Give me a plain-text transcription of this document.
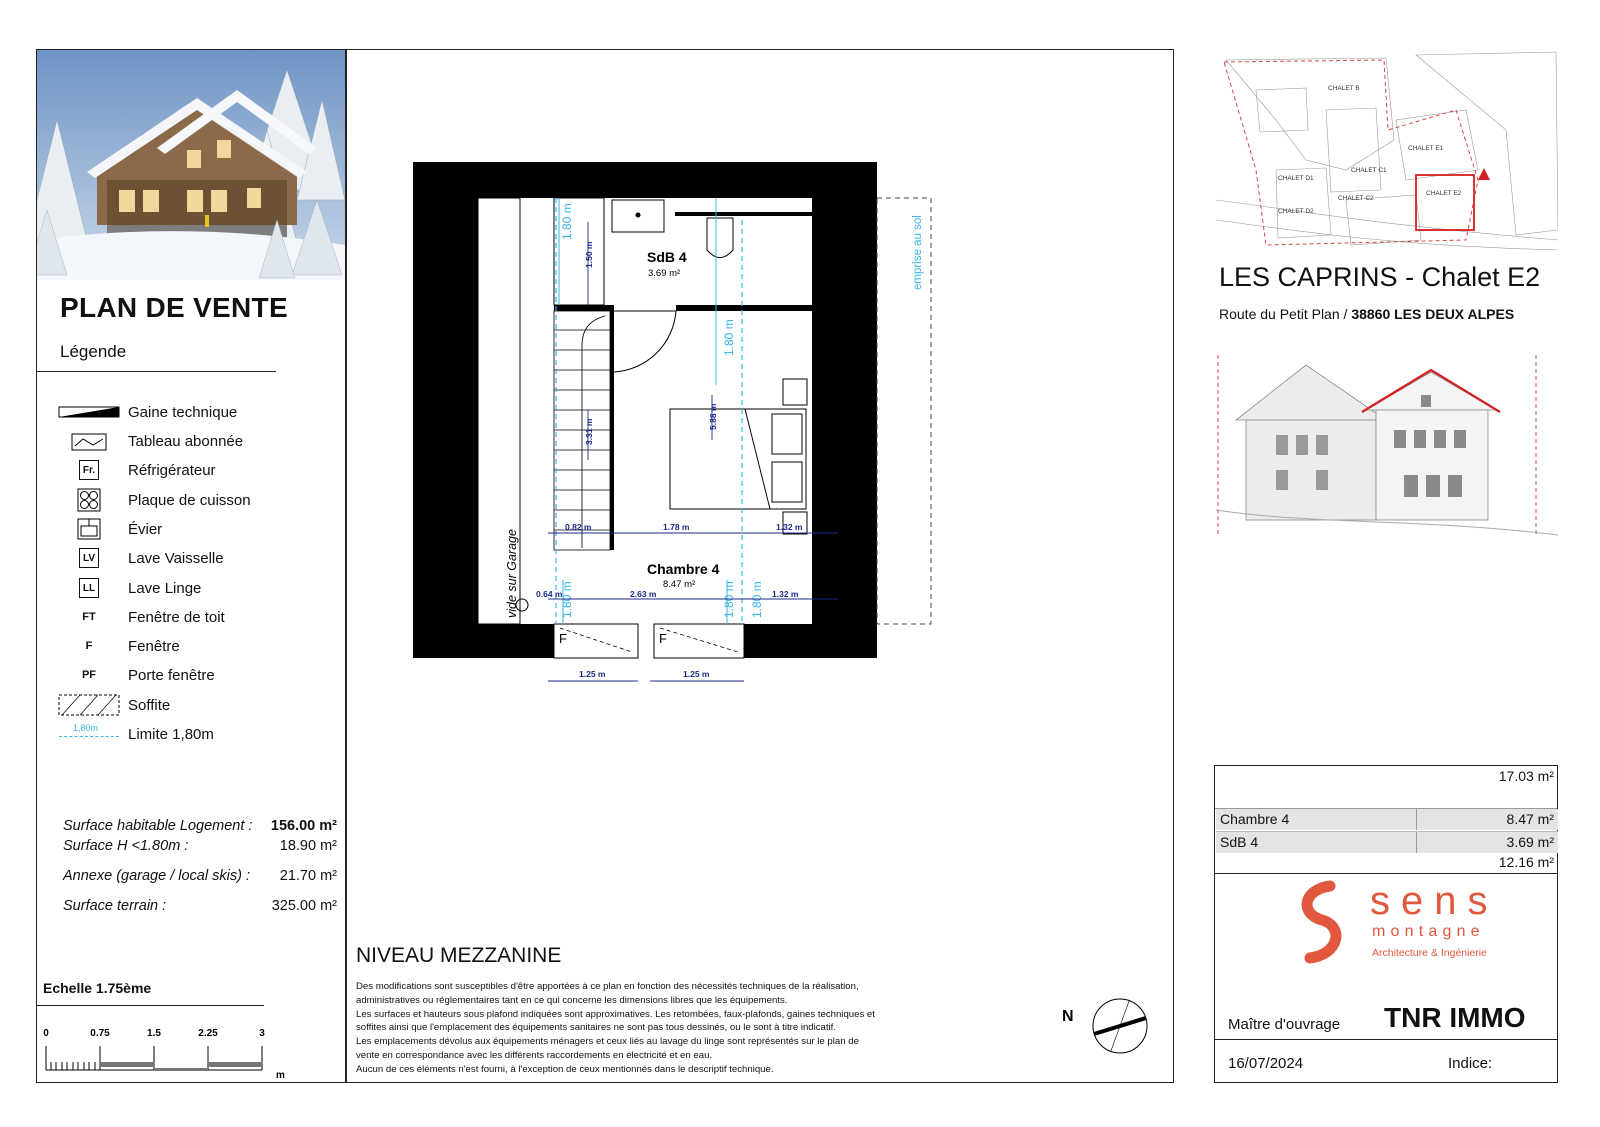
PLAN DE VENTE
Légende
Gaine technique
Tableau abonnée
Fr. Réfrigérateur
Plaque de cuisson
Évier
LV Lave Vaisselle
LL Lave Linge
FT Fenêtre de toit
F Fenêtre
PF Porte fenêtre
Soffite
1,80m Limite 1,80m
Surface habitable Logement : 156.00 m²
Surface H <1.80m :	18.90 m²
Annexe (garage / local skis) : 21.70 m²
Surface terrain :	325.00 m²
Echelle 1.75ème
0	0.75	1.5	2.25	3
m
vide sur Garage
emprise au sol
F	F
1.80 m
1.80 m
1.80 m	1.80 m 1.80 m
1.50 m
3.31 m
5.88 m
0.82 m	1.78 m	1.32 m
0.64 m	2.63 m	1.32 m
1.25 m	1.25 m
SdB 4
3.69 m²
Chambre 4
8.47 m²
NIVEAU MEZZANINE
Des modifications sont susceptibles d'être apportées à ce plan en fonction des nécessités techniques de la réalisation,
administratives ou réglementaires tant en ce qui concerne les dimensions libres que les équipements.
Les surfaces et hauteurs sous plafond indiquées sont approximatives. Les retombées, faux-plafonds, gaines techniques et
soffites ainsi que l'emplacement des équipements sanitaires ne sont pas tous dessinés, ou le sont à titre indicatif.
Les emplacements dévolus aux équipements ménagers et ceux liés au lavage du linge sont représentés sur le plan de
vente en correspondance avec les différents raccordements en électricité et en eau.
Aucun de ces éléments n'est fourni, à l'exception de ceux mentionnés dans le descriptif technique.
N
CHALET B
CHALET E1
CHALET C1
CHALET D1
CHALET C2
CHALET E2
CHALET D2
LES CAPRINS - Chalet E2
Route du Petit Plan / 38860 LES DEUX ALPES
17.03 m²
Chambre 4	8.47 m²
SdB 4	3.69 m²
12.16 m²
sens
montagne
Architecture & Ingénierie
Maître d'ouvrage TNR IMMO
16/07/2024	Indice:
